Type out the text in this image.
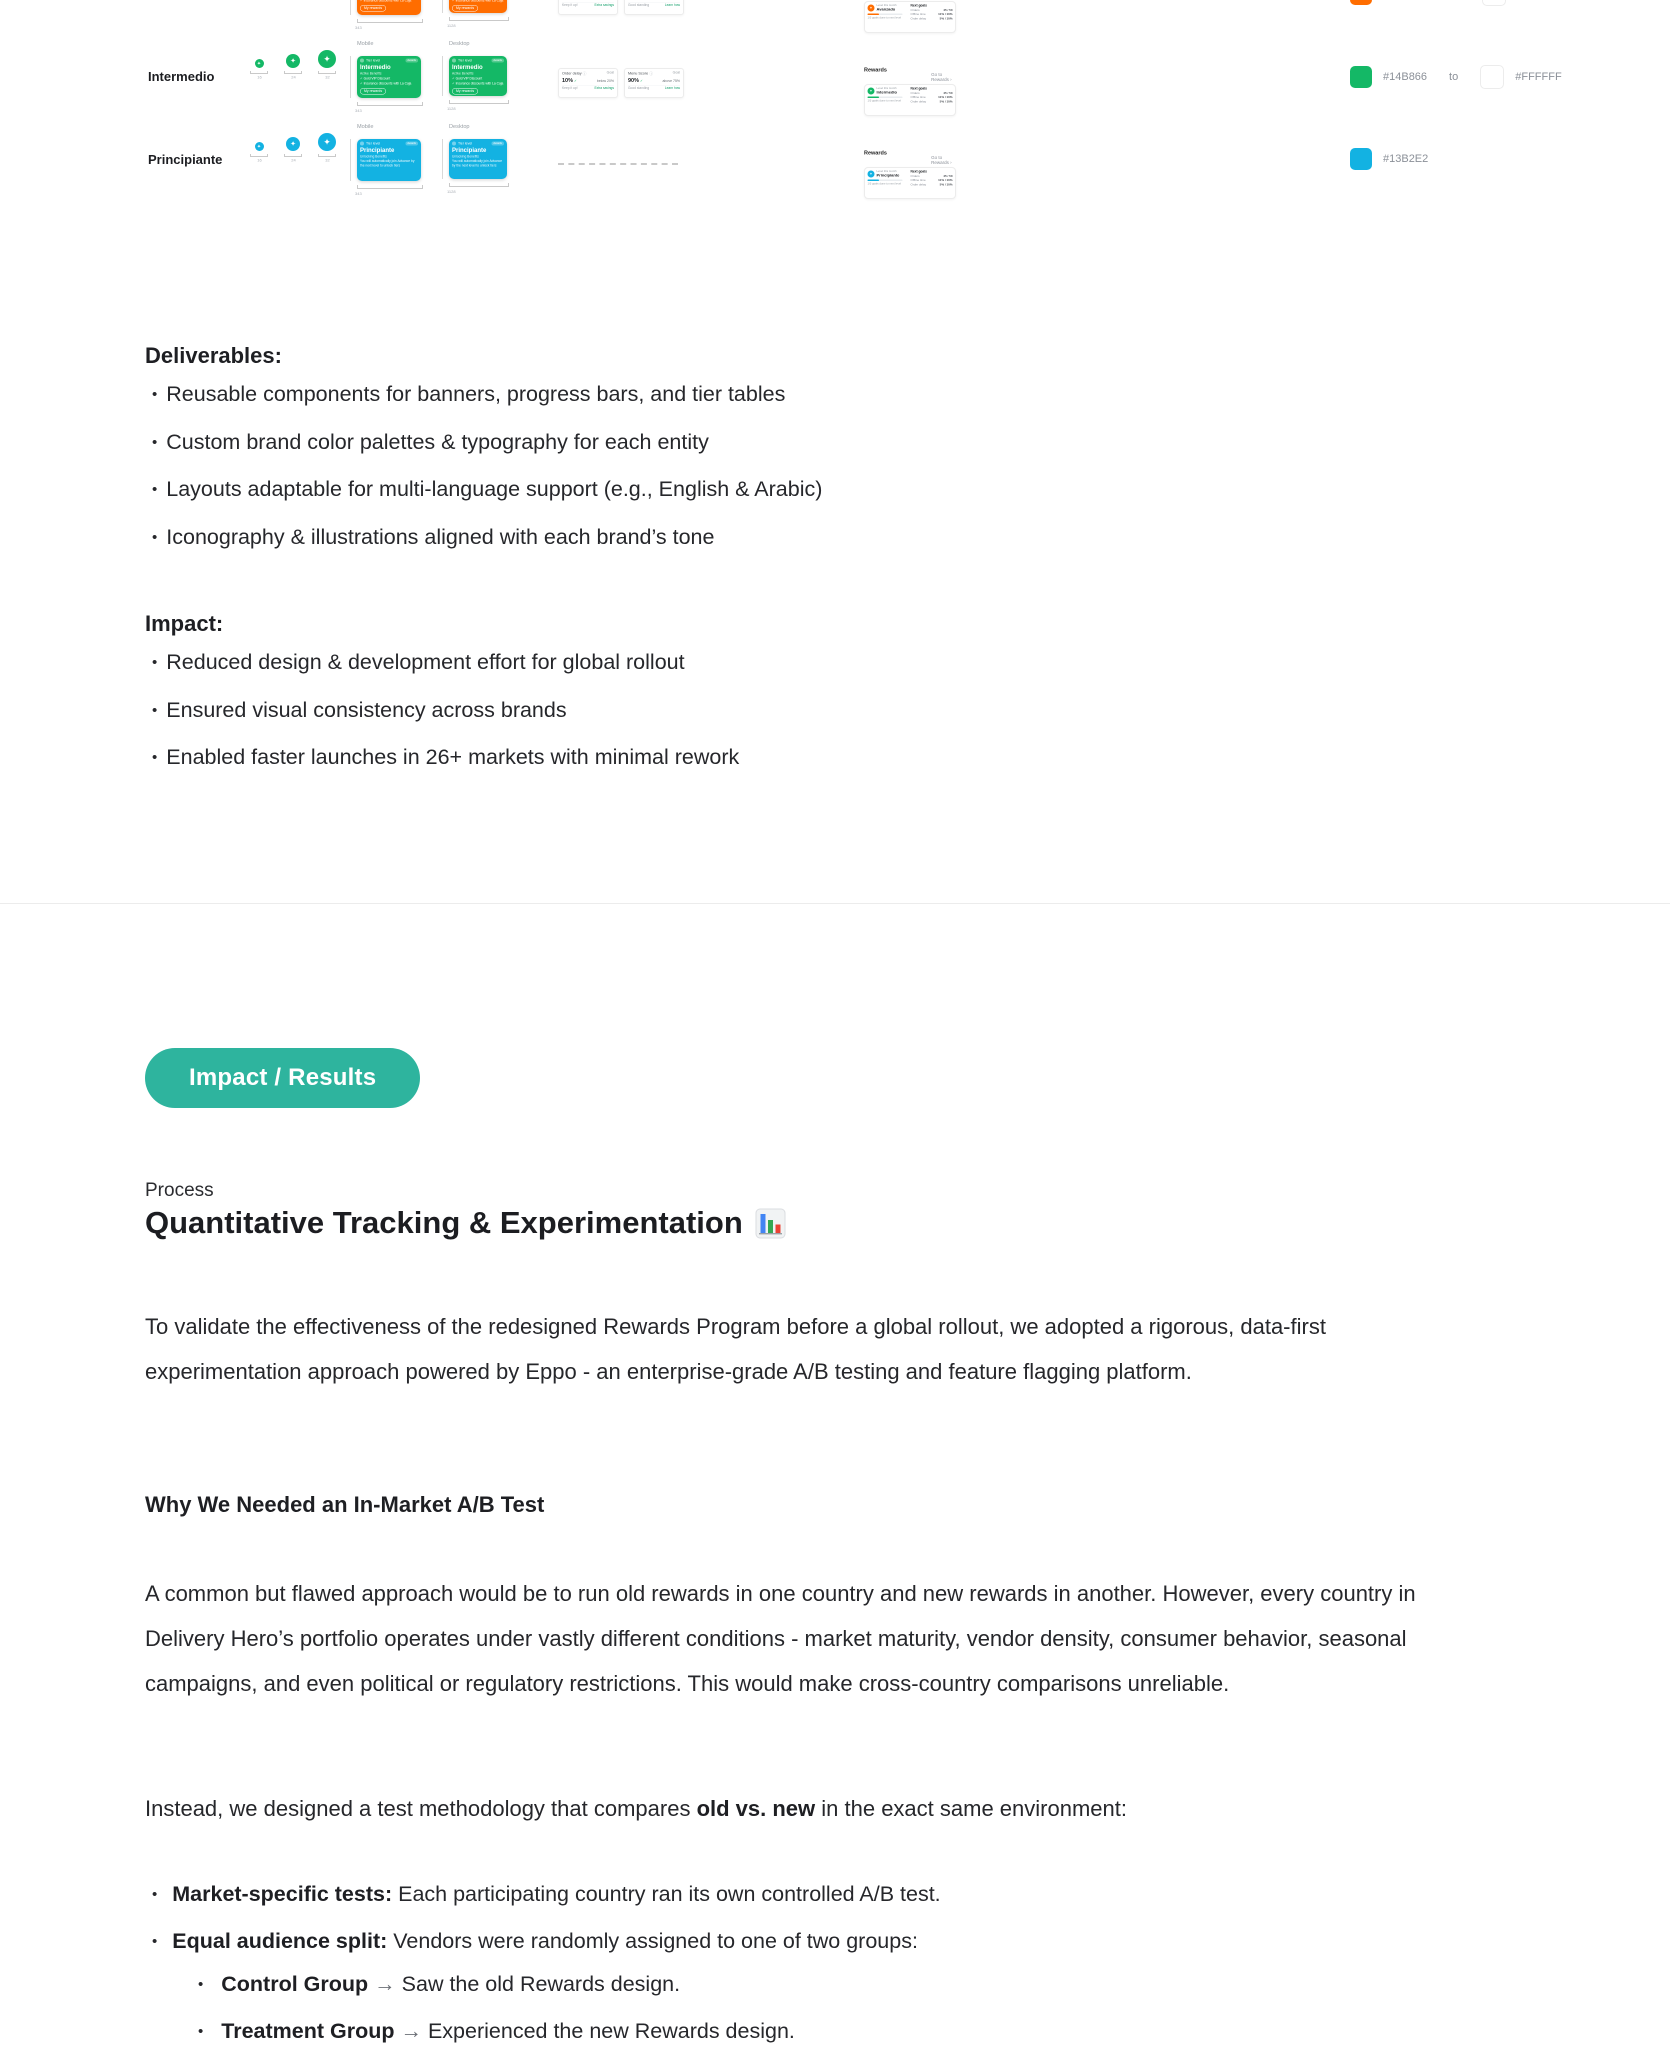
✓ Insurance discounts with La Caja
My rewards
343
✓ Insurance discounts with La Caja
My rewards
1128
Keep it up!	Extra savings Good standing Learn how
✦
Level this month
Avanzado
1/3 goals done to next level
Next goals
Orders	45 / 50
Offline time 11% / 10%
Order delay 5% / 10%
Intermedio
✦
16
✦
24
✦
32
Mobile
Tier level	details
Intermedio
Active Benefits
✓ Gold VIP Discount
✓ Insurance discounts with La Caja
My rewards
343
Desktop
Tier level	details
Intermedio
Active Benefits
✓ Gold VIP Discount
✓ Insurance discounts with La Caja
My rewards
1128
Order delay ⓘ	Goal
10% ✓	below 20%
Keep it up!	Extra savings
Menu Score ⓘ	Goal
90% ✓	above 75%
Good standing Learn how
Rewards
Go to Rewards ›
✦
Level this month
Intermedio
1/3 goals done to next level
Next goals
Orders	45 / 50
Offline time 11% / 10%
Order delay 5% / 10%
#14B866 to	#FFFFFF
Principiante
✦
16
✦
24
✦
32
Mobile
Tier level	details
Principiante
Unlocking Benefits
You will automatically join Advance by the next level to unlock tiers
343
Desktop
Tier level	details
Principiante
Unlocking Benefits
You will automatically join Advance by the next level to unlock tiers
1128
Rewards
Go to Rewards ›
✦
Level this month
Principiante
1/3 goals done to next level
Next goals
Orders	45 / 50
Offline time 11% / 10%
Order delay 5% / 10%
#13B2E2
Deliverables:
• Reusable components for banners, progress bars, and tier tables
• Custom brand color palettes & typography for each entity
• Layouts adaptable for multi-language support (e.g., English & Arabic)
• Iconography & illustrations aligned with each brand’s tone
Impact:
• Reduced design & development effort for global rollout
• Ensured visual consistency across brands
• Enabled faster launches in 26+ markets with minimal rework
Impact / Results
Process
Quantitative Tracking & Experimentation
To validate the effectiveness of the redesigned Rewards Program before a global rollout, we adopted a rigorous, data-first experimentation approach powered by Eppo - an enterprise-grade A/B testing and feature flagging platform.
Why We Needed an In-Market A/B Test
A common but flawed approach would be to run old rewards in one country and new rewards in another. However, every country in Delivery Hero’s portfolio operates under vastly different conditions - market maturity, vendor density, consumer behavior, seasonal campaigns, and even political or regulatory restrictions. This would make cross-country comparisons unreliable.
Instead, we designed a test methodology that compares old vs. new in the exact same environment:
• Market-specific tests: Each participating country ran its own controlled A/B test.
• Equal audience split: Vendors were randomly assigned to one of two groups:
• Control Group → Saw the old Rewards design.
• Treatment Group → Experienced the new Rewards design.
